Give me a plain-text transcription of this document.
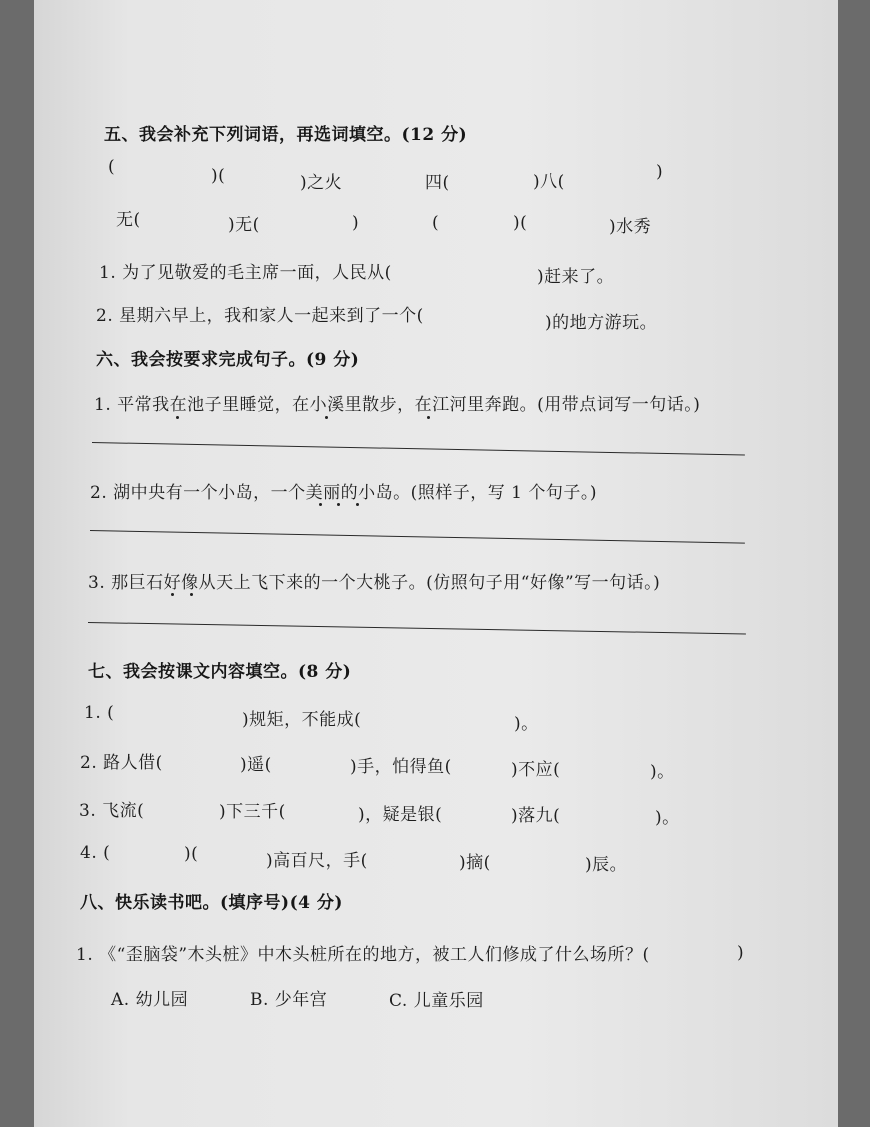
五、我会补充下列词语，再选词填空。(12 分)
(	)(	)之火	四(	)八(	)
无(	)无(	)	(	)(	)水秀
1. 为了见敬爱的毛主席一面，人民从(	)赶来了。
2. 星期六早上，我和家人一起来到了一个(	)的地方游玩。
六、我会按要求完成句子。(9 分)
1. 平常我在池子里睡觉，在小溪里散步，在江河里奔跑。(用带点词写一句话。)
2. 湖中央有一个小岛，一个美丽的小岛。(照样子，写 1 个句子。)
3. 那巨石好像从天上飞下来的一个大桃子。(仿照句子用“好像”写一句话。)
七、我会按课文内容填空。(8 分)
1. (	)规矩，不能成(	)。
2. 路人借(	)遥(	)手，怕得鱼(	)不应(	)。
3. 飞流(	)下三千(	)，疑是银(	)落九(	)。
4. (	)(	)高百尺，手(	)摘(	)辰。
八、快乐读书吧。(填序号)(4 分)
1. 《“歪脑袋”木头桩》中木头桩所在的地方，被工人们修成了什么场所？(	)
A. 幼儿园	B. 少年宫	C. 儿童乐园
